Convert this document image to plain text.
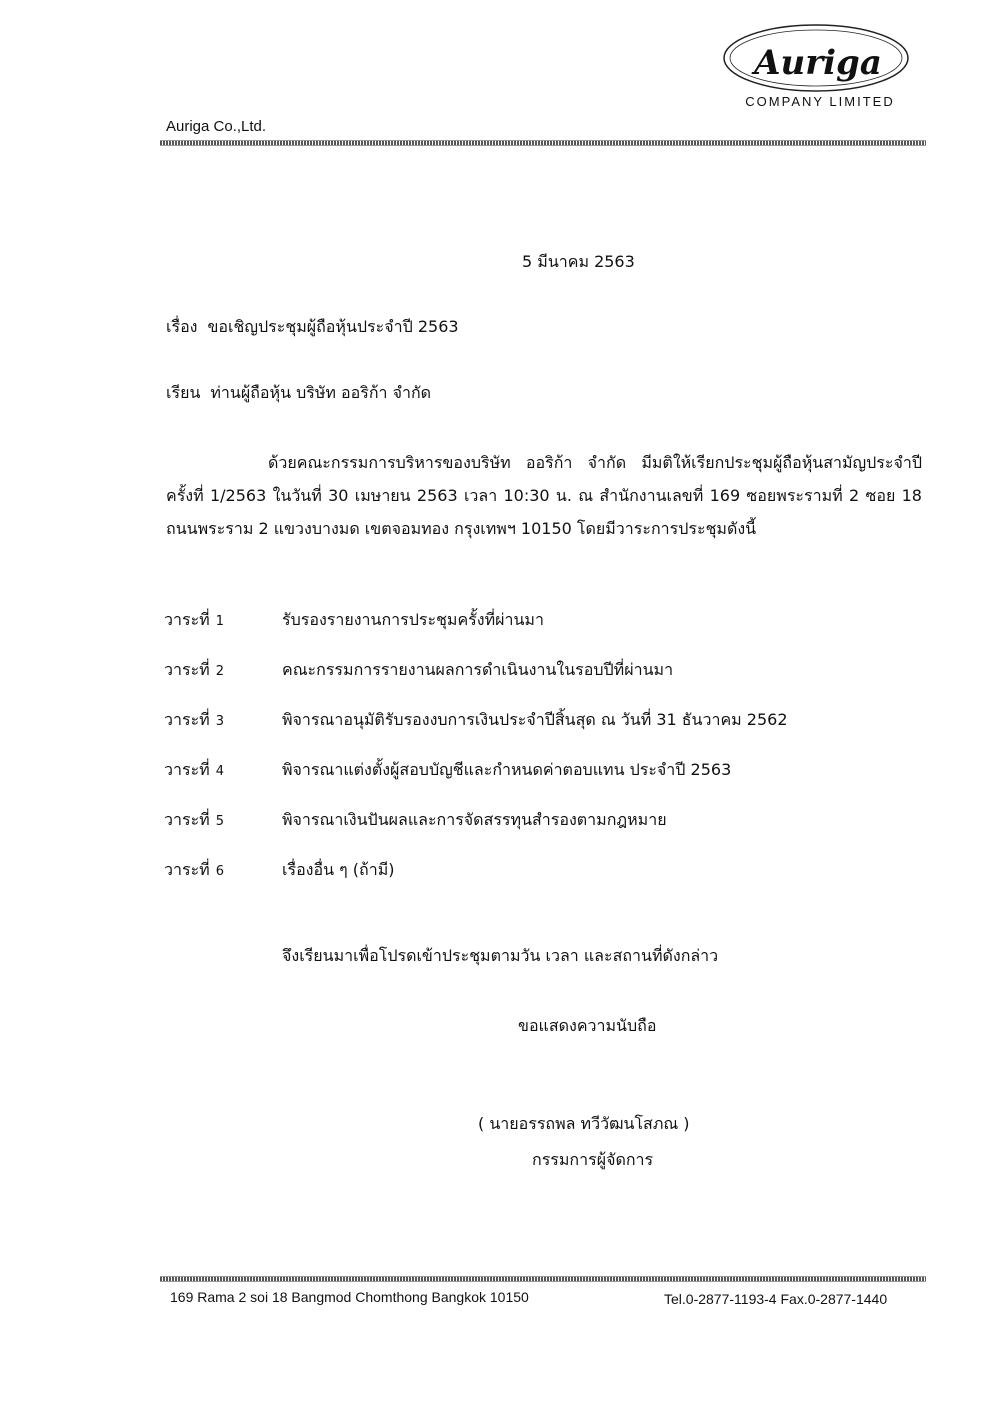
Auriga
COMPANY LIMITED
Auriga Co.,Ltd.
5 มีนาคม 2563
เรื่อง ขอเชิญประชุมผู้ถือหุ้นประจำปี 2563
เรียน ท่านผู้ถือหุ้น บริษัท ออริก้า จำกัด
ด้วยคณะกรรมการบริหารของบริษัท ออริก้า จำกัด มีมติให้เรียกประชุมผู้ถือหุ้นสามัญประจำปี ครั้งที่ 1/2563 ในวันที่ 30 เมษายน 2563 เวลา 10:30 น. ณ สำนักงานเลขที่ 169 ซอยพระรามที่ 2 ซอย 18 ถนนพระราม 2 แขวงบางมด เขตจอมทอง กรุงเทพฯ 10150 โดยมีวาระการประชุมดังนี้
วาระที่ 1	รับรองรายงานการประชุมครั้งที่ผ่านมา
วาระที่ 2	คณะกรรมการรายงานผลการดำเนินงานในรอบปีที่ผ่านมา
วาระที่ 3	พิจารณาอนุมัติรับรองงบการเงินประจำปีสิ้นสุด ณ วันที่ 31 ธันวาคม 2562
วาระที่ 4	พิจารณาแต่งตั้งผู้สอบบัญชีและกำหนดค่าตอบแทน ประจำปี 2563
วาระที่ 5	พิจารณาเงินปันผลและการจัดสรรทุนสำรองตามกฎหมาย
วาระที่ 6	เรื่องอื่น ๆ (ถ้ามี)
จึงเรียนมาเพื่อโปรดเข้าประชุมตามวัน เวลา และสถานที่ดังกล่าว
ขอแสดงความนับถือ
( นายอรรถพล ทวีวัฒนโสภณ )
กรรมการผู้จัดการ
169 Rama 2 soi 18 Bangmod Chomthong Bangkok 10150	Tel.0-2877-1193-4 Fax.0-2877-1440
